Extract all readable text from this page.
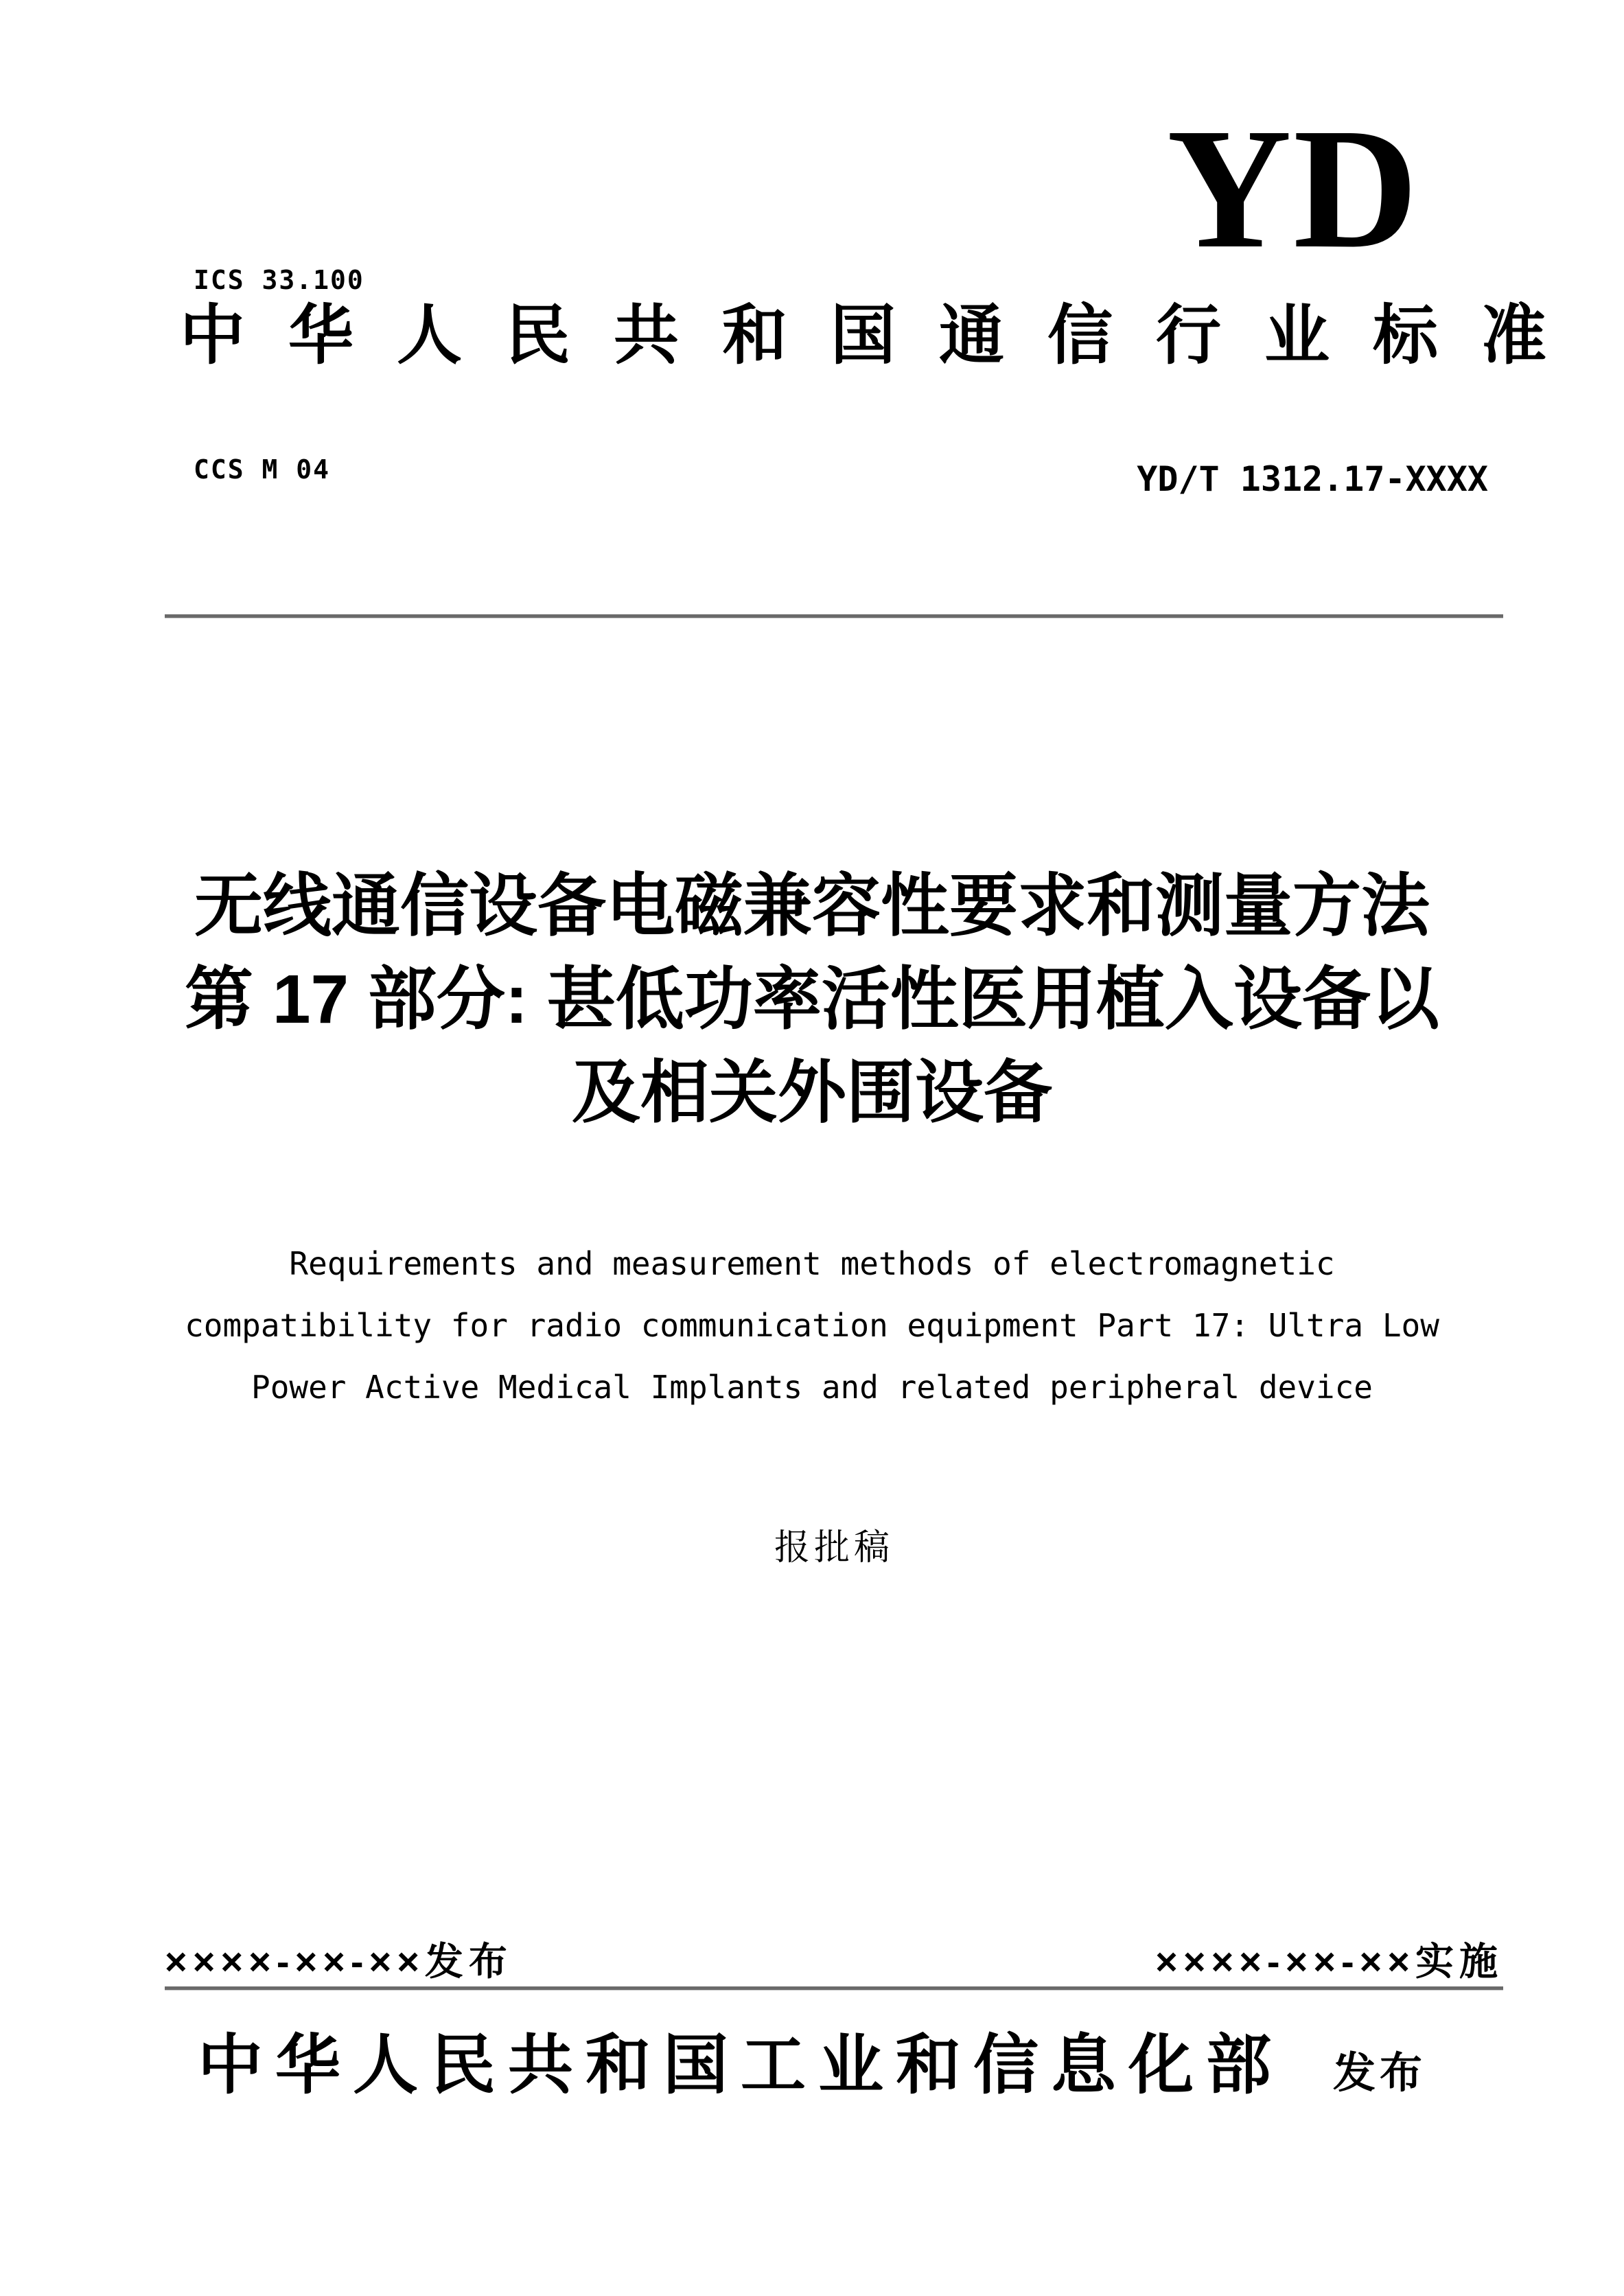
ICS 33.100

CCS M 04

YD
中华人民共和国通信行业标准
YD/T 1312.17-XXXX
无线通信设备电磁兼容性要求和测量方法
第 17 部分: 甚低功率活性医用植入设备以
及相关外围设备
Requirements and measurement methods of electromagnetic
compatibility for radio communication equipment Part 17: Ultra Low
Power Active Medical Implants and related peripheral device
报批稿
××××-××-××发布	××××-××-××实施
中华人民共和国工业和信息化部 发布
